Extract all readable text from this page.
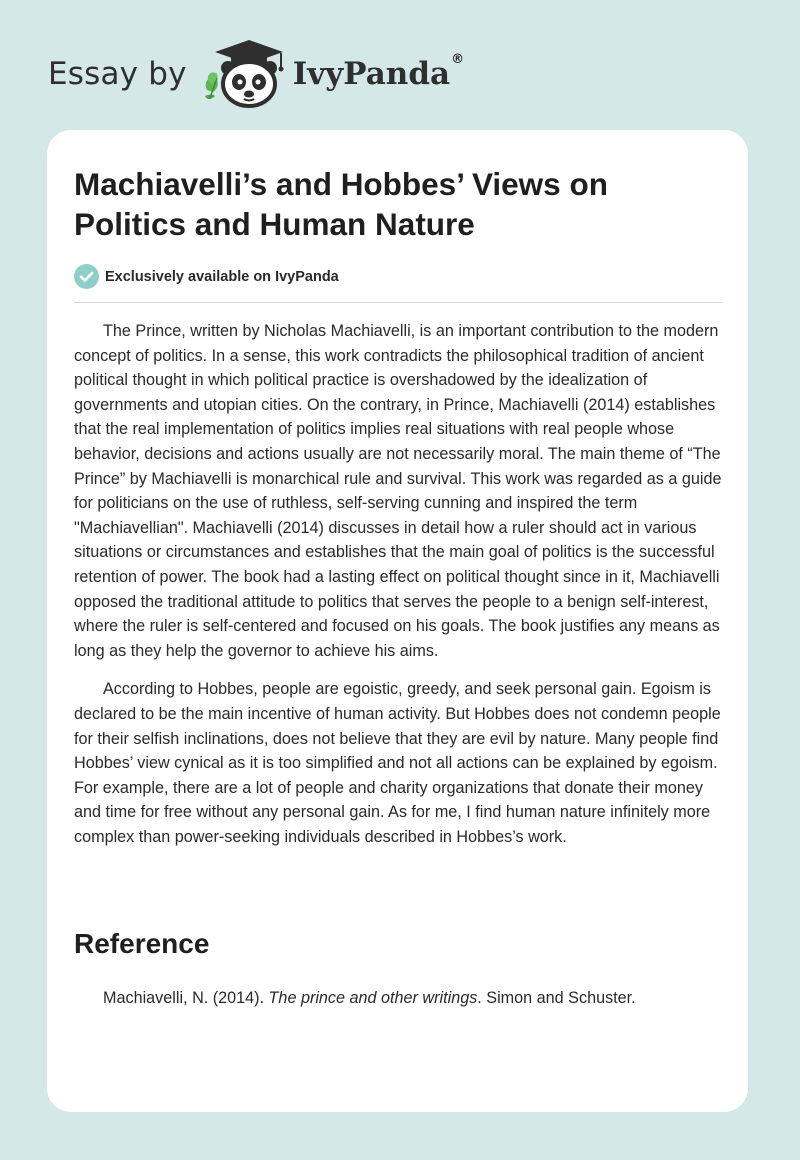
Essay by	IvyPanda®
Machiavelli’s and Hobbes’ Views on Politics and Human Nature
Exclusively available on IvyPanda

The Prince, written by Nicholas Machiavelli, is an important contribution to the modern concept of politics. In a sense, this work contradicts the philosophical tradition of ancient political thought in which political practice is overshadowed by the idealization of governments and utopian cities. On the contrary, in Prince, Machiavelli (2014) establishes that the real implementation of politics implies real situations with real people whose behavior, decisions and actions usually are not necessarily moral. The main theme of “The Prince” by Machiavelli is monarchical rule and survival. This work was regarded as a guide for politicians on the use of ruthless, self-serving cunning and inspired the term "Machiavellian". Machiavelli (2014) discusses in detail how a ruler should act in various situations or circumstances and establishes that the main goal of politics is the successful retention of power. The book had a lasting effect on political thought since in it, Machiavelli opposed the traditional attitude to politics that serves the people to a benign self-interest, where the ruler is self-centered and focused on his goals. The book justifies any means as long as they help the governor to achieve his aims.

According to Hobbes, people are egoistic, greedy, and seek personal gain. Egoism is declared to be the main incentive of human activity. But Hobbes does not condemn people for their selfish inclinations, does not believe that they are evil by nature. Many people find Hobbes’ view cynical as it is too simplified and not all actions can be explained by egoism. For example, there are a lot of people and charity organizations that donate their money and time for free without any personal gain. As for me, I find human nature infinitely more complex than power-seeking individuals described in Hobbes’s work.

Reference

Machiavelli, N. (2014). The prince and other writings. Simon and Schuster.
